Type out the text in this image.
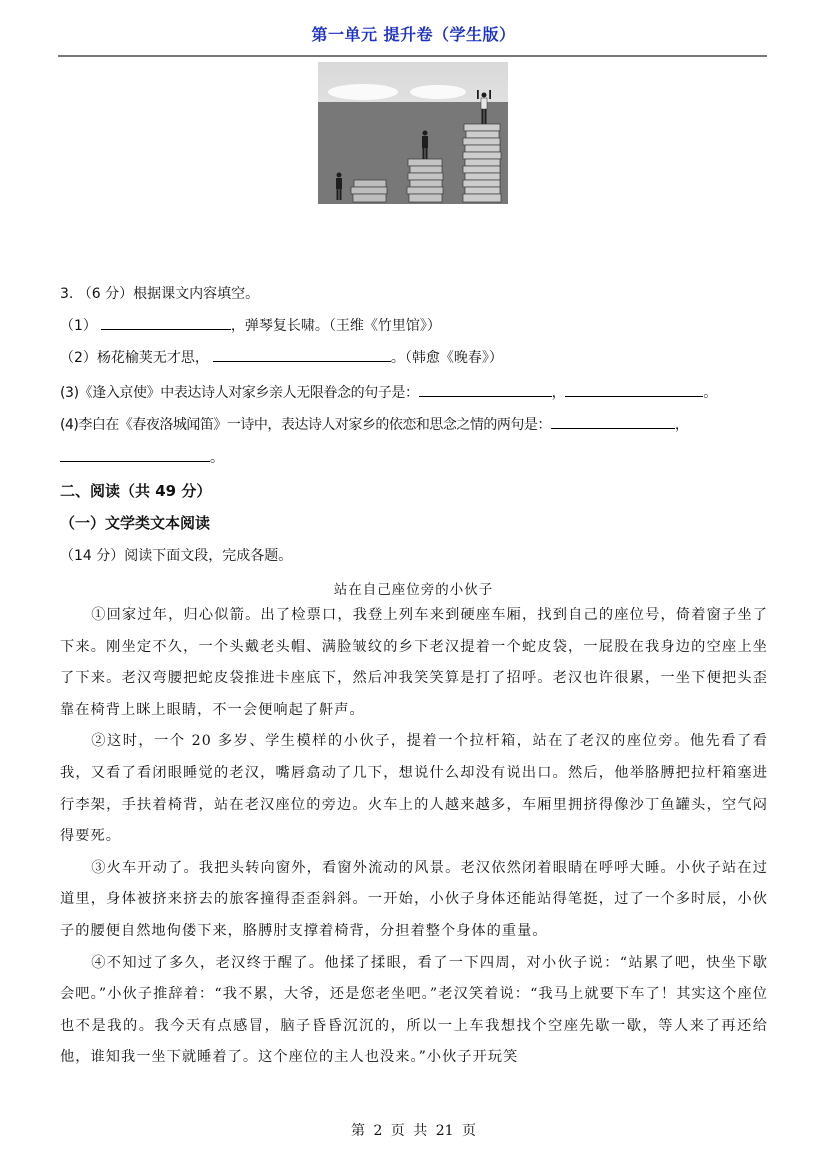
第一单元 提升卷（学生版）
3. （6 分）根据课文内容填空。
（1）	，弹琴复长啸。（王维《竹里馆》）
（2）杨花榆荚无才思，	。（韩愈《晚春》）
(3)《逢入京使》中表达诗人对家乡亲人无限眷念的句子是：	，	。
(4)李白在《春夜洛城闻笛》一诗中，表达诗人对家乡的依恋和思念之情的两句是：	，
。
二、阅读（共 49 分）
（一）文学类文本阅读
（14 分）阅读下面文段，完成各题。
站在自己座位旁的小伙子

①回家过年，归心似箭。出了检票口，我登上列车来到硬座车厢，找到自己的座位号，倚着窗子坐了下来。刚坐定不久，一个头戴老头帽、满脸皱纹的乡下老汉提着一个蛇皮袋，一屁股在我身边的空座上坐了下来。老汉弯腰把蛇皮袋推进卡座底下，然后冲我笑笑算是打了招呼。老汉也许很累，一坐下便把头歪靠在椅背上眯上眼睛，不一会便响起了鼾声。

②这时，一个 20 多岁、学生模样的小伙子，提着一个拉杆箱，站在了老汉的座位旁。他先看了看我，又看了看闭眼睡觉的老汉，嘴唇翕动了几下，想说什么却没有说出口。然后，他举胳膊把拉杆箱塞进行李架，手扶着椅背，站在老汉座位的旁边。火车上的人越来越多，车厢里拥挤得像沙丁鱼罐头，空气闷得要死。

③火车开动了。我把头转向窗外，看窗外流动的风景。老汉依然闭着眼睛在呼呼大睡。小伙子站在过道里，身体被挤来挤去的旅客撞得歪歪斜斜。一开始，小伙子身体还能站得笔挺，过了一个多时辰，小伙子的腰便自然地佝偻下来，胳膊肘支撑着椅背，分担着整个身体的重量。

④不知过了多久，老汉终于醒了。他揉了揉眼，看了一下四周，对小伙子说：“站累了吧，快坐下歇会吧。”小伙子推辞着：“我不累，大爷，还是您老坐吧。”老汉笑着说：“我马上就要下车了！其实这个座位也不是我的。我今天有点感冒，脑子昏昏沉沉的，所以一上车我想找个空座先歇一歇，等人来了再还给他，谁知我一坐下就睡着了。这个座位的主人也没来。”小伙子开玩笑

第 2 页 共 21 页
